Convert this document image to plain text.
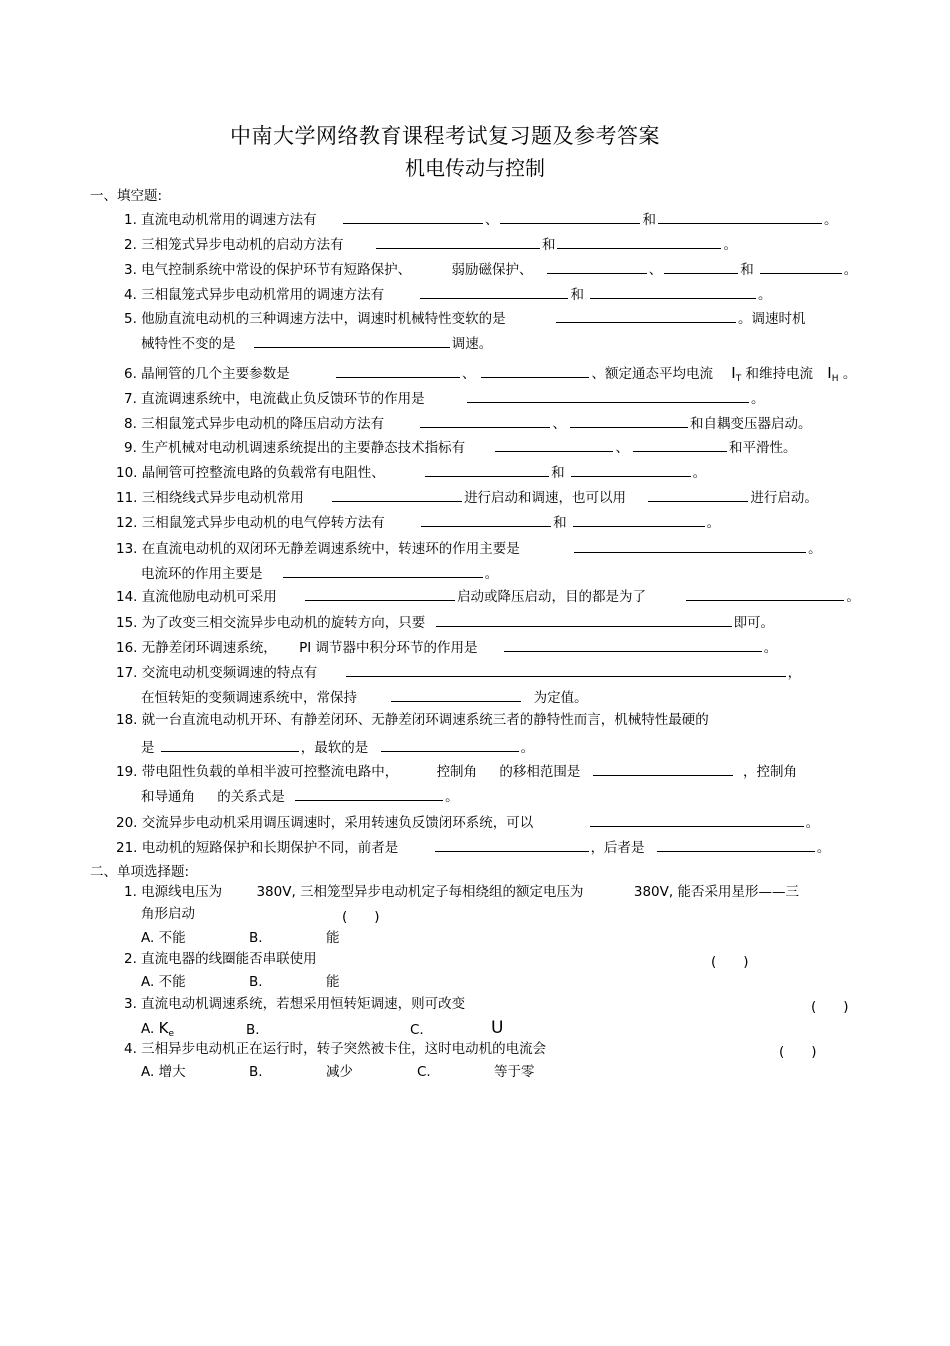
中南大学网络教育课程考试复习题及参考答案
机电传动与控制
一、填空题:
1. 直流电动机常用的调速方法有	、	和	。
2. 三相笼式异步电动机的启动方法有	和	。
3. 电气控制系统中常设的保护环节有短路保护、	弱励磁保护、	、	和	。
4. 三相鼠笼式异步电动机常用的调速方法有	和	。
5. 他励直流电动机的三种调速方法中，调速时机械特性变软的是	。调速时机
械特性不变的是	调速。
6. 晶闸管的几个主要参数是	、	、额定通态平均电流 $I_T$ 和维持电流 $I_H$ 。
7. 直流调速系统中，电流截止负反馈环节的作用是	。
8. 三相鼠笼式异步电动机的降压启动方法有	、	和自耦变压器启动。
9. 生产机械对电动机调速系统提出的主要静态技术指标有	、	和平滑性。
10. 晶闸管可控整流电路的负载常有电阻性、	和	。
11. 三相绕线式异步电动机常用	进行启动和调速，也可以用	进行启动。
12. 三相鼠笼式异步电动机的电气停转方法有	和	。
13. 在直流电动机的双闭环无静差调速系统中，转速环的作用主要是	。
电流环的作用主要是	。
14. 直流他励电动机可采用	启动或降压启动，目的都是为了	。
15. 为了改变三相交流异步电动机的旋转方向，只要	即可。
16. 无静差闭环调速系统， PI 调节器中积分环节的作用是	。
17. 交流电动机变频调速的特点有	，
在恒转矩的变频调速系统中，常保持	为定值。
18. 就一台直流电动机开环、有静差闭环、无静差闭环调速系统三者的静特性而言，机械特性最硬的
是	，最软的是	。
19. 带电阻性负载的单相半波可控整流电路中，	控制角 的移相范围是	，控制角
和导通角 的关系式是	。
20. 交流异步电动机采用调压调速时，采用转速负反馈闭环系统，可以	。
21. 电动机的短路保护和长期保护不同，前者是	，后者是	。
二、单项选择题:
1. 电源线电压为	380V, 三相笼型异步电动机定子每相绕组的额定电压为	380V, 能否采用星形——三
角形启动	(　　)
A. 不能	B.	能
2. 直流电器的线圈能否串联使用	(　　)
A. 不能	B.	能
3. 直流电动机调速系统，若想采用恒转矩调速，则可改变	(　　)
A. $K_e$	B.	C.	U
4. 三相异步电动机正在运行时，转子突然被卡住，这时电动机的电流会	(　　)
A. 增大	B.	减少	C.	等于零
